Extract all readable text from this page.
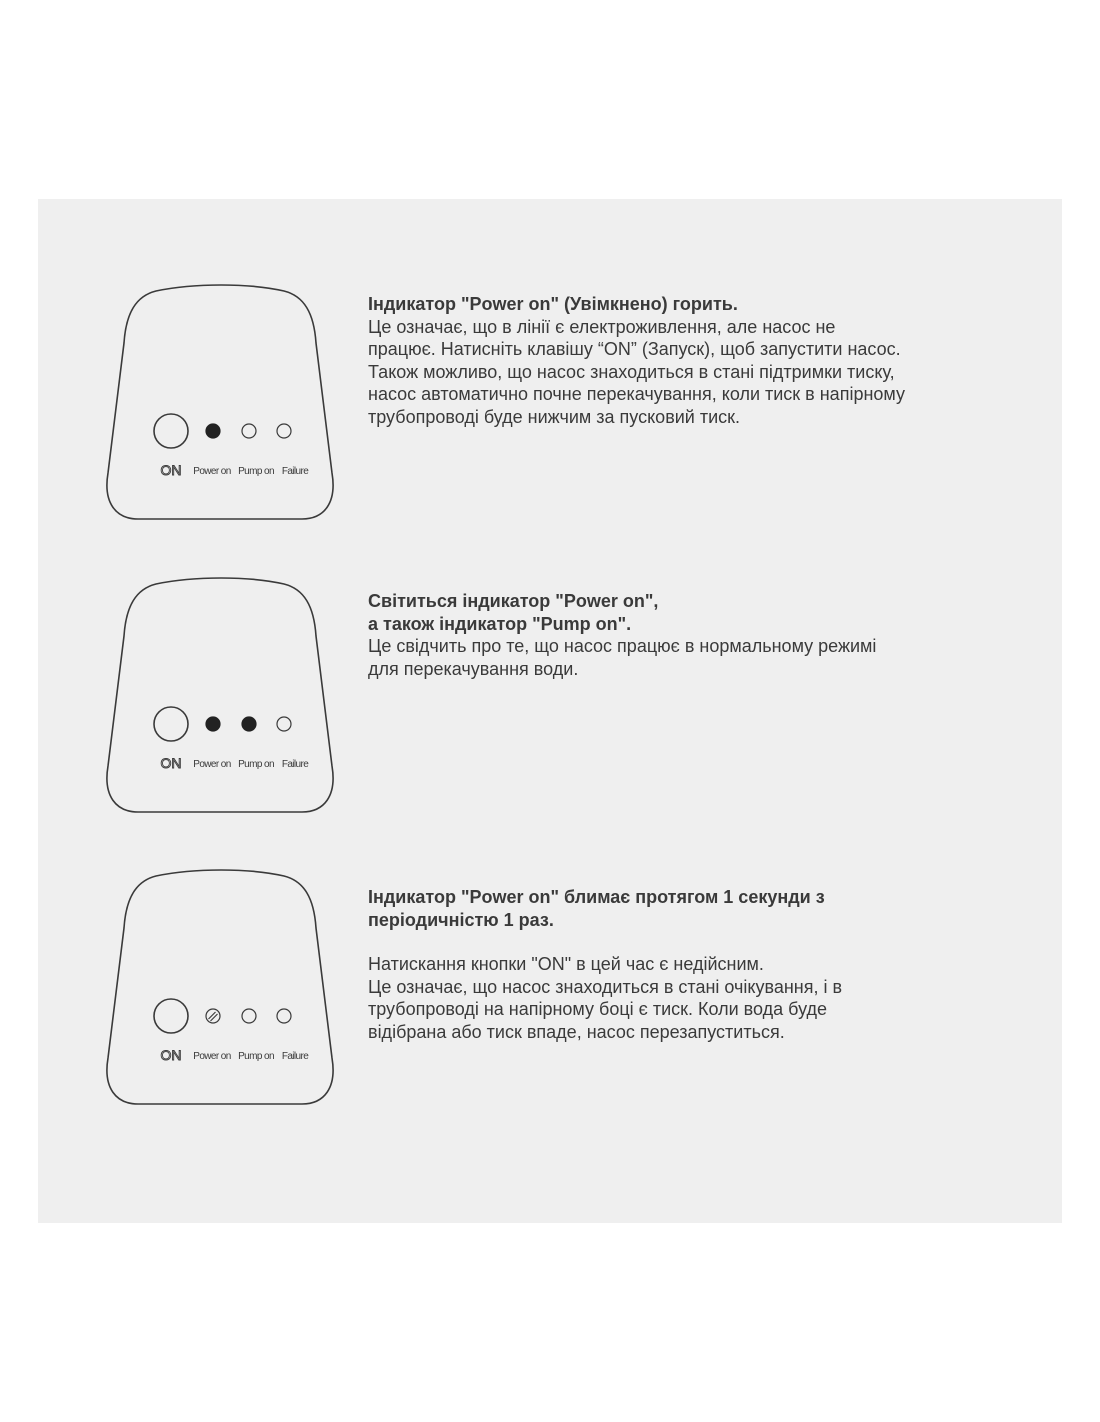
ON Power on Pump on Failure
Індикатор "Power on" (Увімкнено) горить.
Це означає, що в лінії є електроживлення, але насос не
працює. Натисніть клавішу “ON” (Запуск), щоб запустити насос.
Також можливо, що насос знаходиться в стані підтримки тиску,
насос автоматично почне перекачування, коли тиск в напірному
трубопроводі буде нижчим за пусковий тиск.
ON Power on Pump on Failure
Світиться індикатор "Power on",
а також індикатор "Pump on".
Це свідчить про те, що насос працює в нормальному режимі
для перекачування води.
ON Power on Pump on Failure
Індикатор "Power on" блимає протягом 1 секунди з
періодичністю 1 раз.
Натискання кнопки "ON" в цей час є недійсним.
Це означає, що насос знаходиться в стані очікування, і в
трубопроводі на напірному боці є тиск. Коли вода буде
відібрана або тиск впаде, насос перезапуститься.
